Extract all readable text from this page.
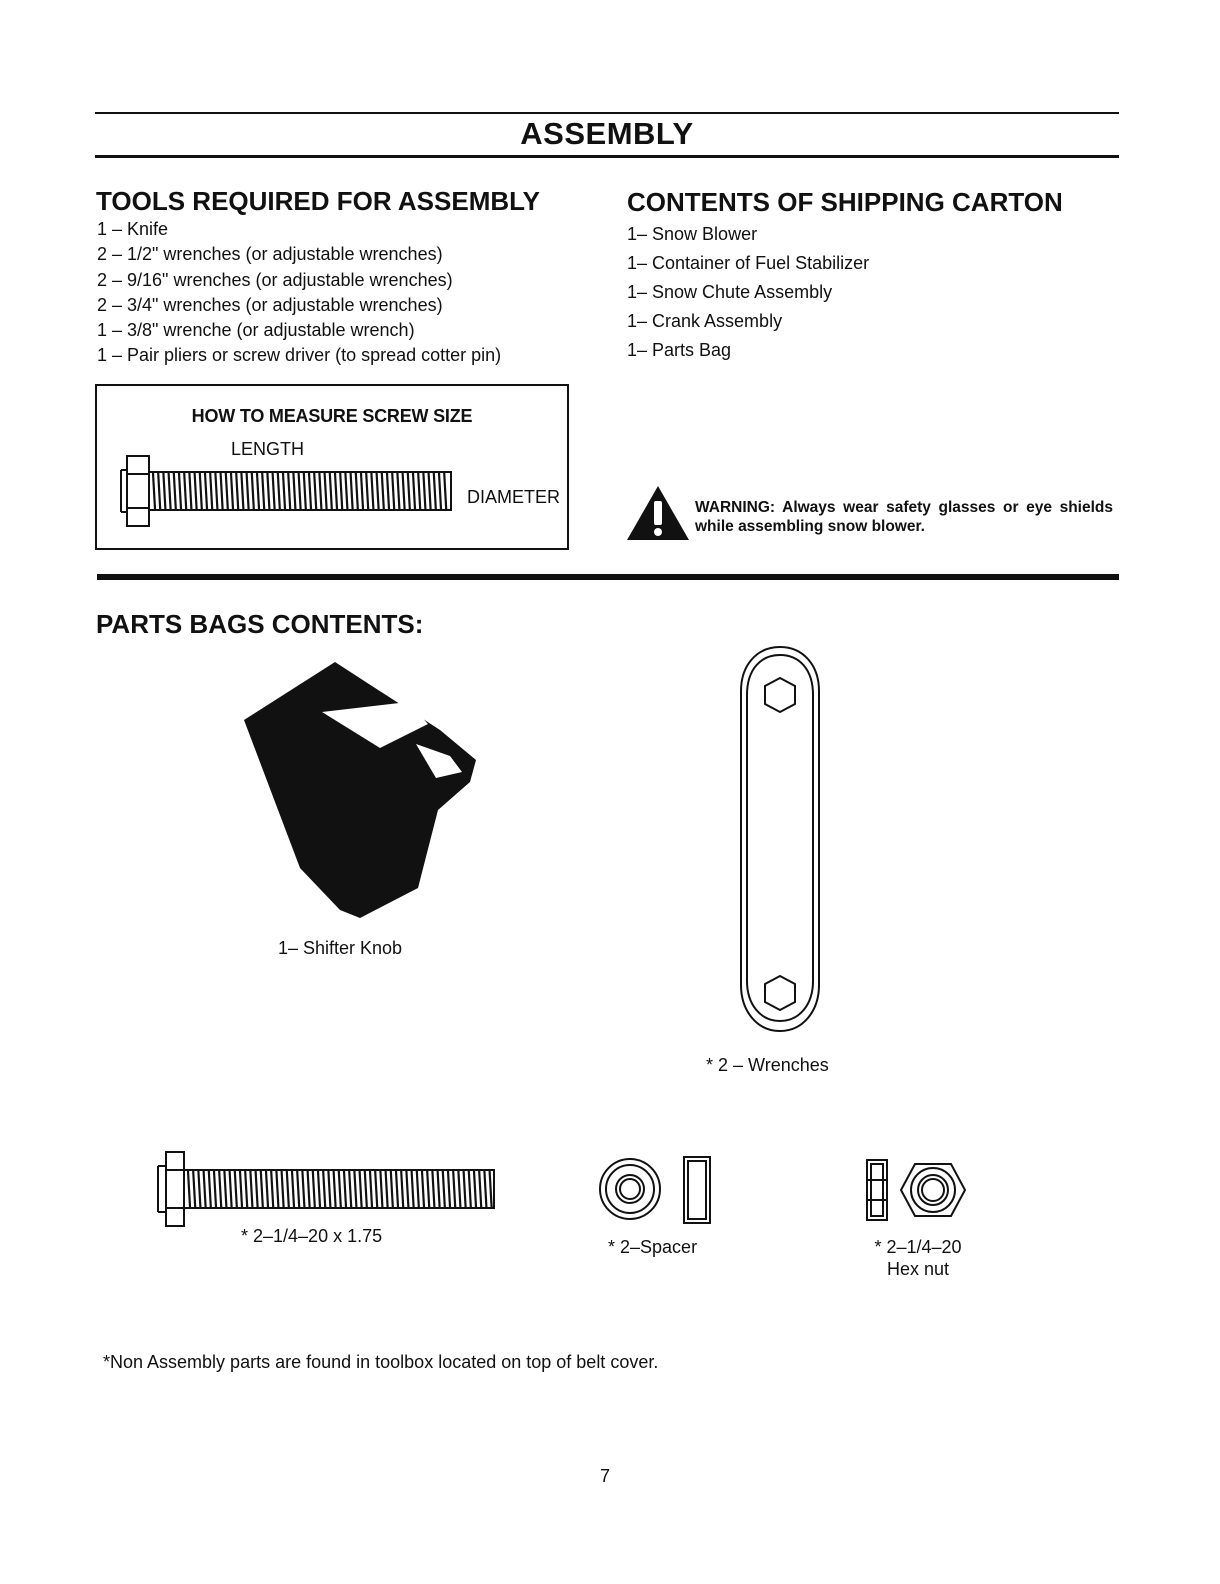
ASSEMBLY
TOOLS REQUIRED FOR ASSEMBLY
1 – Knife
2 – 1/2" wrenches (or adjustable wrenches)
2 – 9/16" wrenches (or adjustable wrenches)
2 – 3/4" wrenches (or adjustable wrenches)
1 – 3/8" wrenche (or adjustable wrench)
1 – Pair pliers or screw driver (to spread cotter pin)
CONTENTS OF SHIPPING CARTON
1– Snow Blower
1– Container of Fuel Stabilizer
1– Snow Chute Assembly
1– Crank Assembly
1– Parts Bag
HOW TO MEASURE SCREW SIZE
LENGTH
DIAMETER
WARNING: Always wear safety glasses or eye shields while assembling snow blower.
PARTS BAGS CONTENTS:
1– Shifter Knob
* 2 – Wrenches
* 2–1/4–20 x 1.75
* 2–Spacer	* 2–1/4–20
Hex nut
*Non Assembly parts are found in toolbox located on top of belt cover.
7
